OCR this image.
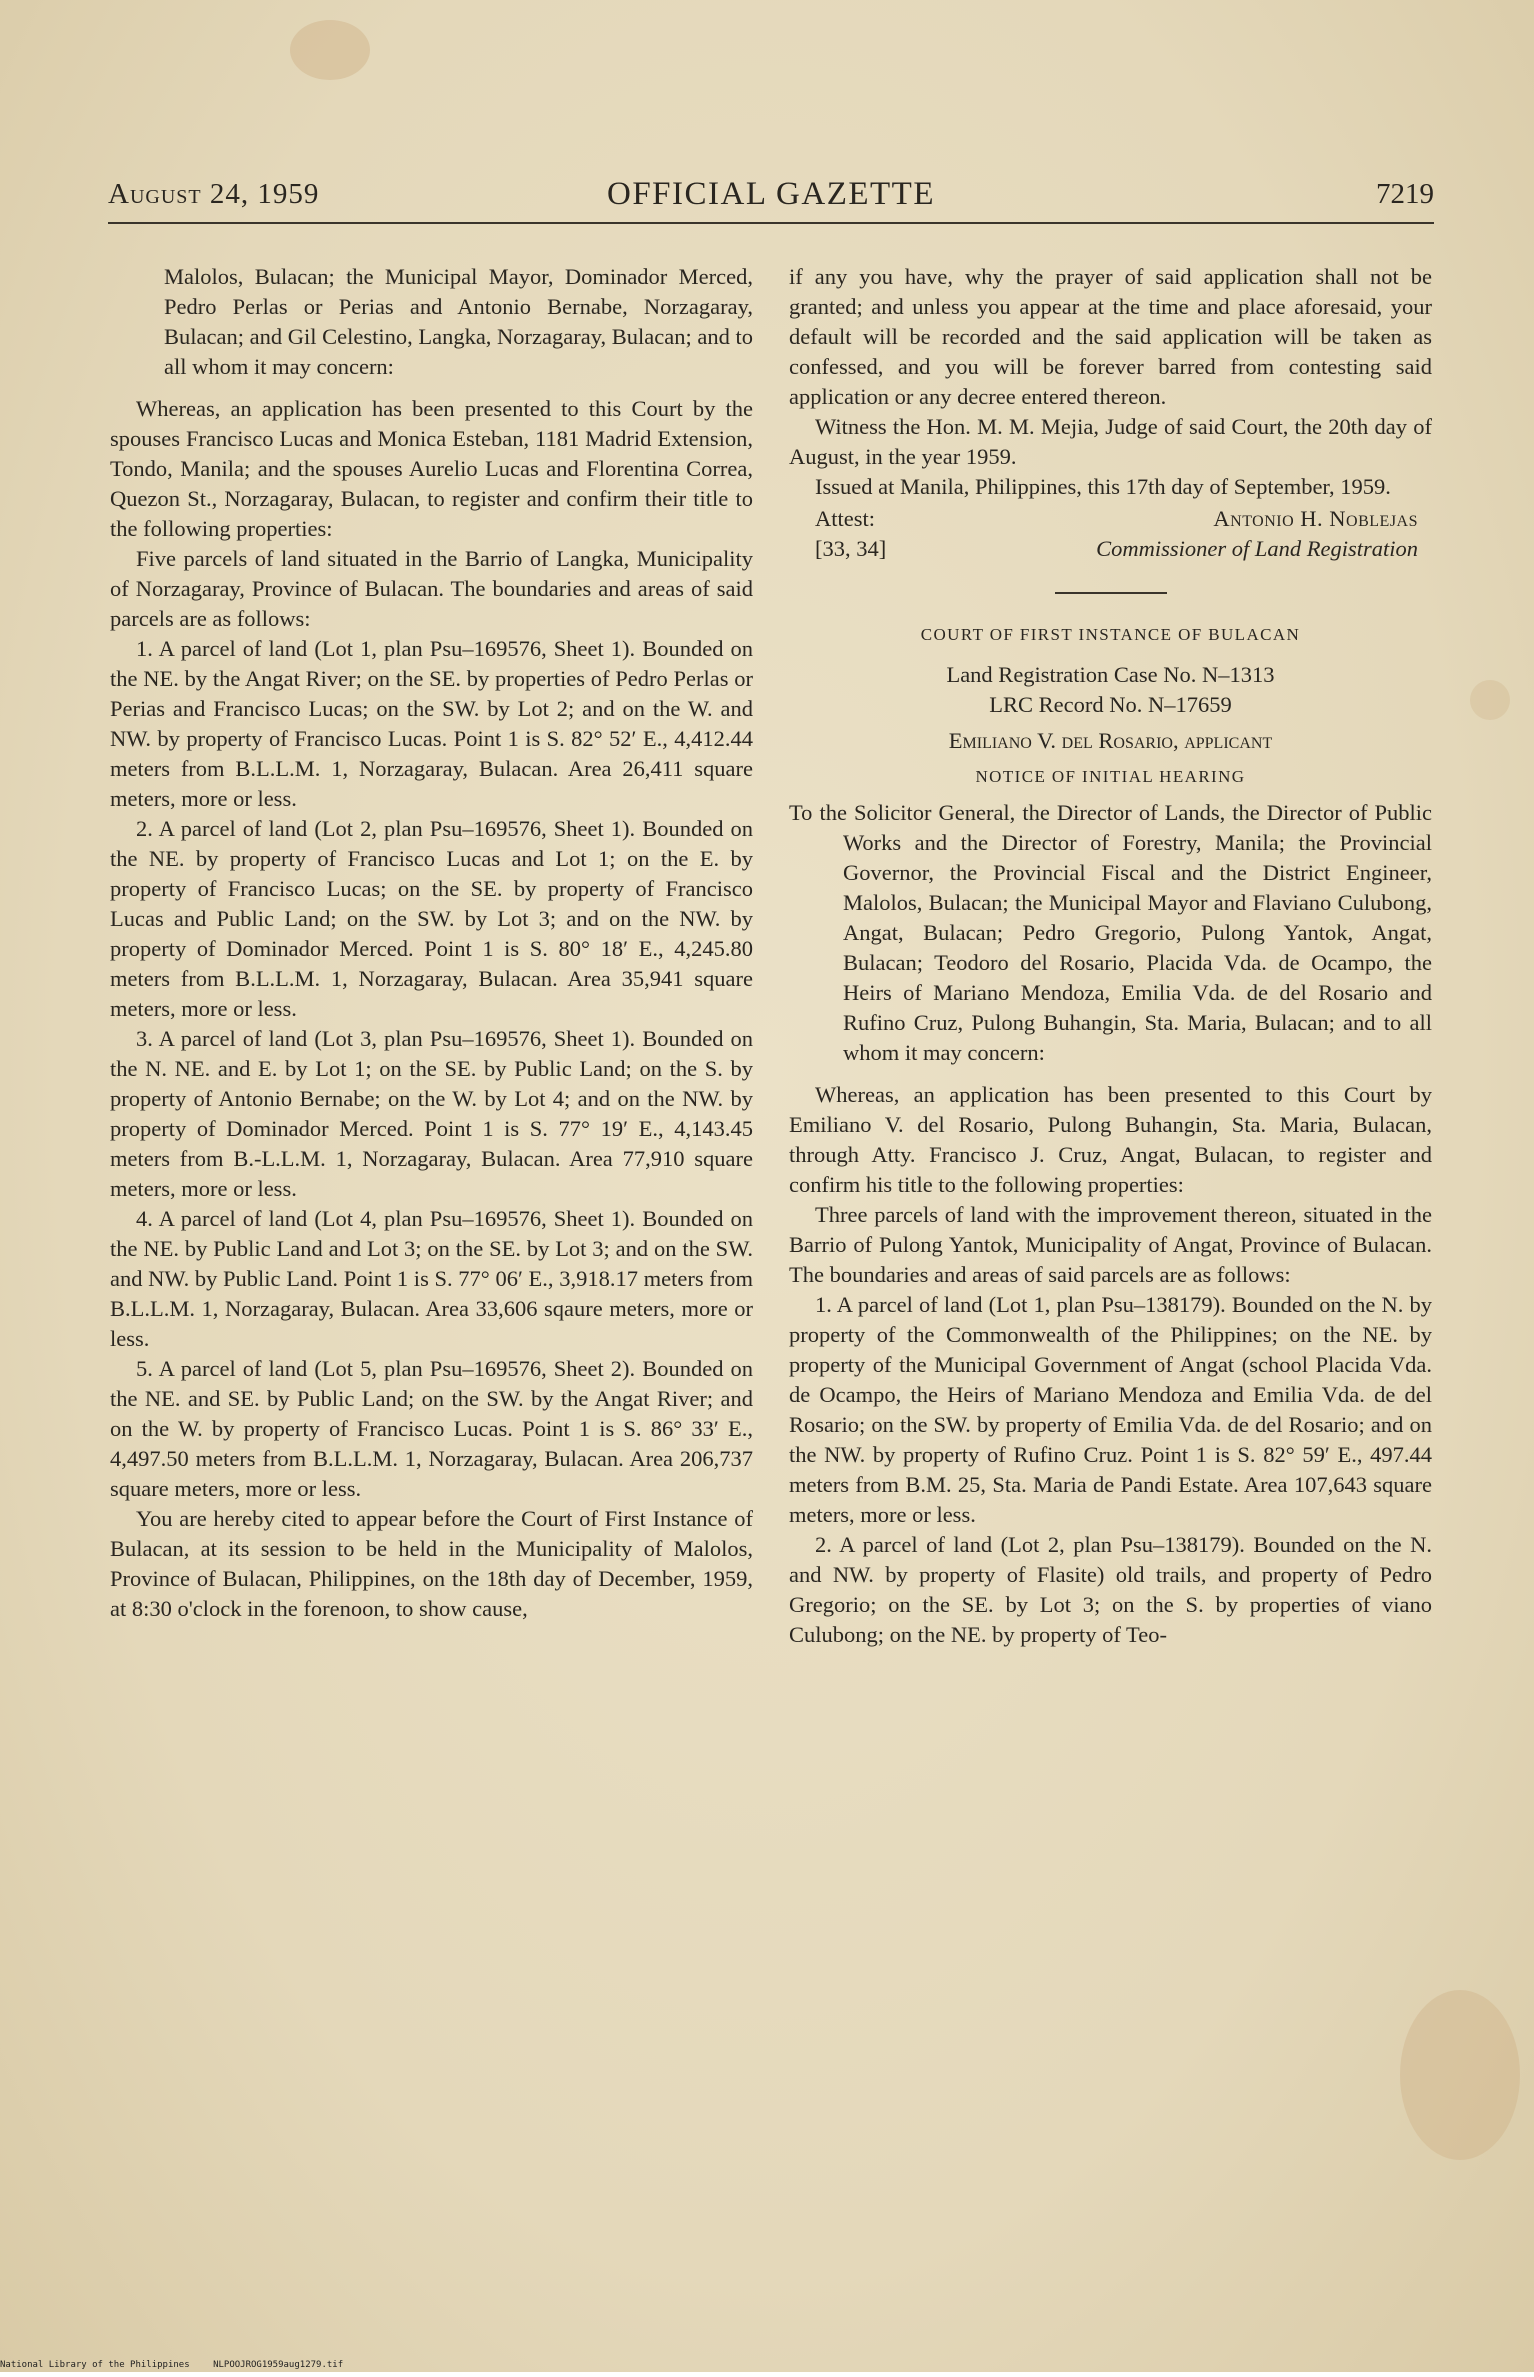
August 24, 1959	OFFICIAL GAZETTE	7219

Malolos, Bulacan; the Municipal Mayor, Dominador Merced, Pedro Perlas or Perias and Antonio Bernabe, Norzagaray, Bulacan; and Gil Celestino, Langka, Norzagaray, Bulacan; and to all whom it may concern:

Whereas, an application has been presented to this Court by the spouses Francisco Lucas and Monica Esteban, 1181 Madrid Extension, Tondo, Manila; and the spouses Aurelio Lucas and Florentina Correa, Quezon St., Norzagaray, Bulacan, to register and confirm their title to the following properties:

Five parcels of land situated in the Barrio of Langka, Municipality of Norzagaray, Province of Bulacan. The boundaries and areas of said parcels are as follows:

1. A parcel of land (Lot 1, plan Psu–169576, Sheet 1). Bounded on the NE. by the Angat River; on the SE. by properties of Pedro Perlas or Perias and Francisco Lucas; on the SW. by Lot 2; and on the W. and NW. by property of Francisco Lucas. Point 1 is S. 82° 52′ E., 4,412.44 meters from B.L.L.M. 1, Norzagaray, Bulacan. Area 26,411 square meters, more or less.

2. A parcel of land (Lot 2, plan Psu–169576, Sheet 1). Bounded on the NE. by property of Francisco Lucas and Lot 1; on the E. by property of Francisco Lucas; on the SE. by property of Francisco Lucas and Public Land; on the SW. by Lot 3; and on the NW. by property of Dominador Merced. Point 1 is S. 80° 18′ E., 4,245.80 meters from B.L.L.M. 1, Norzagaray, Bulacan. Area 35,941 square meters, more or less.

3. A parcel of land (Lot 3, plan Psu–169576, Sheet 1). Bounded on the N. NE. and E. by Lot 1; on the SE. by Public Land; on the S. by property of Antonio Bernabe; on the W. by Lot 4; and on the NW. by property of Dominador Merced. Point 1 is S. 77° 19′ E., 4,143.45 meters from B.-L.L.M. 1, Norzagaray, Bulacan. Area 77,910 square meters, more or less.

4. A parcel of land (Lot 4, plan Psu–169576, Sheet 1). Bounded on the NE. by Public Land and Lot 3; on the SE. by Lot 3; and on the SW. and NW. by Public Land. Point 1 is S. 77° 06′ E., 3,918.17 meters from B.L.L.M. 1, Norzagaray, Bulacan. Area 33,606 sqaure meters, more or less.

5. A parcel of land (Lot 5, plan Psu–169576, Sheet 2). Bounded on the NE. and SE. by Public Land; on the SW. by the Angat River; and on the W. by property of Francisco Lucas. Point 1 is S. 86° 33′ E., 4,497.50 meters from B.L.L.M. 1, Norzagaray, Bulacan. Area 206,737 square meters, more or less.

You are hereby cited to appear before the Court of First Instance of Bulacan, at its session to be held in the Municipality of Malolos, Province of Bulacan, Philippines, on the 18th day of December, 1959, at 8:30 o'clock in the forenoon, to show cause,

if any you have, why the prayer of said application shall not be granted; and unless you appear at the time and place aforesaid, your default will be recorded and the said application will be taken as confessed, and you will be forever barred from contesting said application or any decree entered thereon.

Witness the Hon. M. M. Mejia, Judge of said Court, the 20th day of August, in the year 1959.

Issued at Manila, Philippines, this 17th day of September, 1959.

Attest:	Antonio H. Noblejas
[33, 34]	Commissioner of Land Registration

COURT OF FIRST INSTANCE OF BULACAN

Land Registration Case No. N–1313

LRC Record No. N–17659

Emiliano V. del Rosario, applicant

NOTICE OF INITIAL HEARING

To the Solicitor General, the Director of Lands, the Director of Public Works and the Director of Forestry, Manila; the Provincial Governor, the Provincial Fiscal and the District Engineer, Malolos, Bulacan; the Municipal Mayor and Flaviano Culubong, Angat, Bulacan; Pedro Gregorio, Pulong Yantok, Angat, Bulacan; Teodoro del Rosario, Placida Vda. de Ocampo, the Heirs of Mariano Mendoza, Emilia Vda. de del Rosario and Rufino Cruz, Pulong Buhangin, Sta. Maria, Bulacan; and to all whom it may concern:

Whereas, an application has been presented to this Court by Emiliano V. del Rosario, Pulong Buhangin, Sta. Maria, Bulacan, through Atty. Francisco J. Cruz, Angat, Bulacan, to register and confirm his title to the following properties:

Three parcels of land with the improvement thereon, situated in the Barrio of Pulong Yantok, Municipality of Angat, Province of Bulacan. The boundaries and areas of said parcels are as follows:

1. A parcel of land (Lot 1, plan Psu–138179). Bounded on the N. by property of the Commonwealth of the Philippines; on the NE. by property of the Municipal Government of Angat (school Placida Vda. de Ocampo, the Heirs of Mariano Mendoza and Emilia Vda. de del Rosario; on the SW. by property of Emilia Vda. de del Rosario; and on the NW. by property of Rufino Cruz. Point 1 is S. 82° 59′ E., 497.44 meters from B.M. 25, Sta. Maria de Pandi Estate. Area 107,643 square meters, more or less.

2. A parcel of land (Lot 2, plan Psu–138179). Bounded on the N. and NW. by property of Flasite) old trails, and property of Pedro Gregorio; on the SE. by Lot 3; on the S. by properties of viano Culubong; on the NE. by property of Teo-

National Library of the Philippines	NLPOOJROG1959aug1279.tif
